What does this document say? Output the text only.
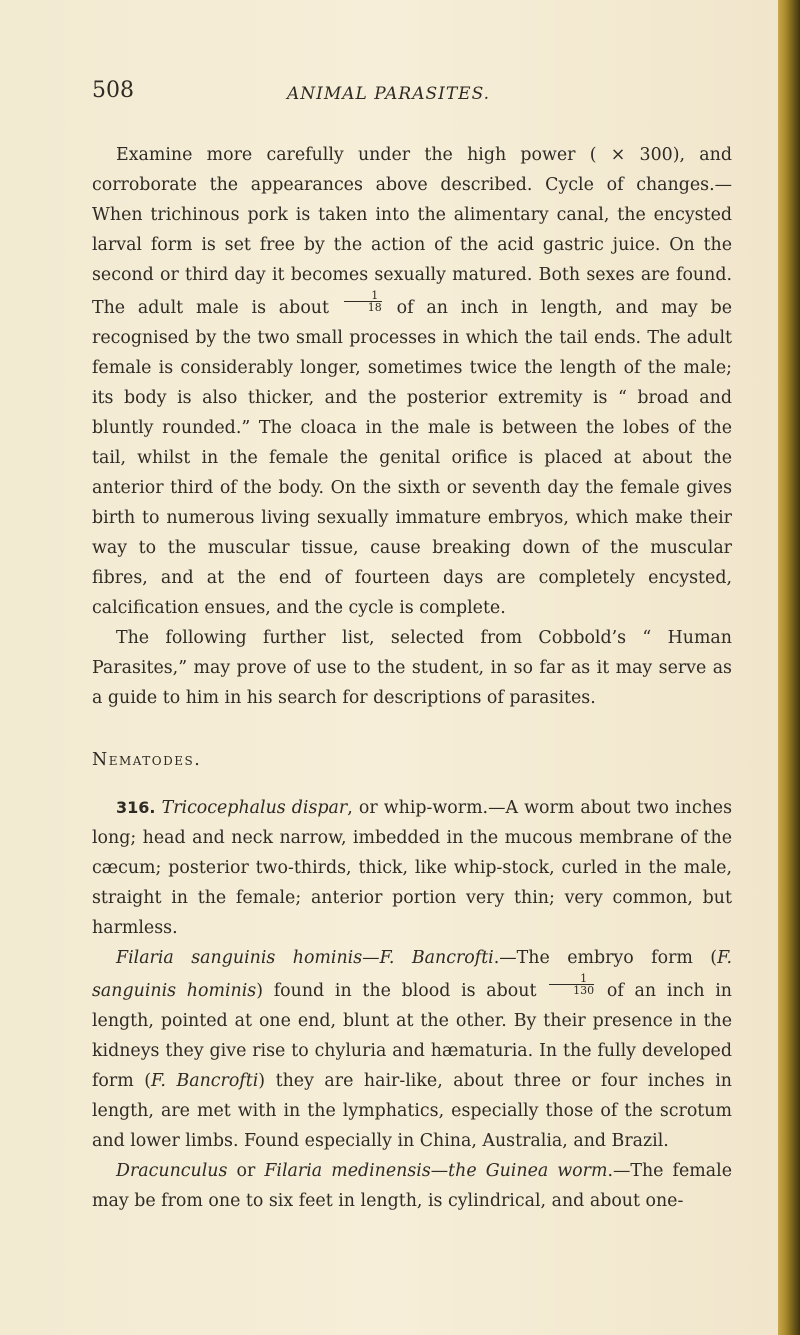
508	ANIMAL PARASITES.

Examine more carefully under the high power ( × 300), and corroborate the appearances above described. Cycle of changes.—When trichinous pork is taken into the alimentary canal, the encysted larval form is set free by the action of the acid gastric juice. On the second or third day it becomes sexually matured. Both sexes are found. The adult male is about $\frac{1}{18}$ of an inch in length, and may be recognised by the two small processes in which the tail ends. The adult female is considerably longer, sometimes twice the length of the male; its body is also thicker, and the posterior extremity is “ broad and bluntly rounded.” The cloaca in the male is between the lobes of the tail, whilst in the female the genital orifice is placed at about the anterior third of the body. On the sixth or seventh day the female gives birth to numerous living sexually immature embryos, which make their way to the muscular tissue, cause breaking down of the muscular fibres, and at the end of fourteen days are completely encysted, calcification ensues, and the cycle is complete.

The following further list, selected from Cobbold’s “ Human Parasites,” may prove of use to the student, in so far as it may serve as a guide to him in his search for descriptions of parasites.

Nematodes.

316. Tricocephalus dispar, or whip-worm.—A worm about two inches long; head and neck narrow, imbedded in the mucous membrane of the cæcum; posterior two-thirds, thick, like whip-stock, curled in the male, straight in the female; anterior portion very thin; very common, but harmless.

Filaria sanguinis hominis—F. Bancrofti.—The embryo form (F. sanguinis hominis) found in the blood is about $\frac{1}{130}$ of an inch in length, pointed at one end, blunt at the other. By their presence in the kidneys they give rise to chyluria and hæmaturia. In the fully developed form (F. Bancrofti) they are hair-like, about three or four inches in length, are met with in the lymphatics, especially those of the scrotum and lower limbs. Found especially in China, Australia, and Brazil.

Dracunculus or Filaria medinensis—the Guinea worm.—The female may be from one to six feet in length, is cylindrical, and about one-
